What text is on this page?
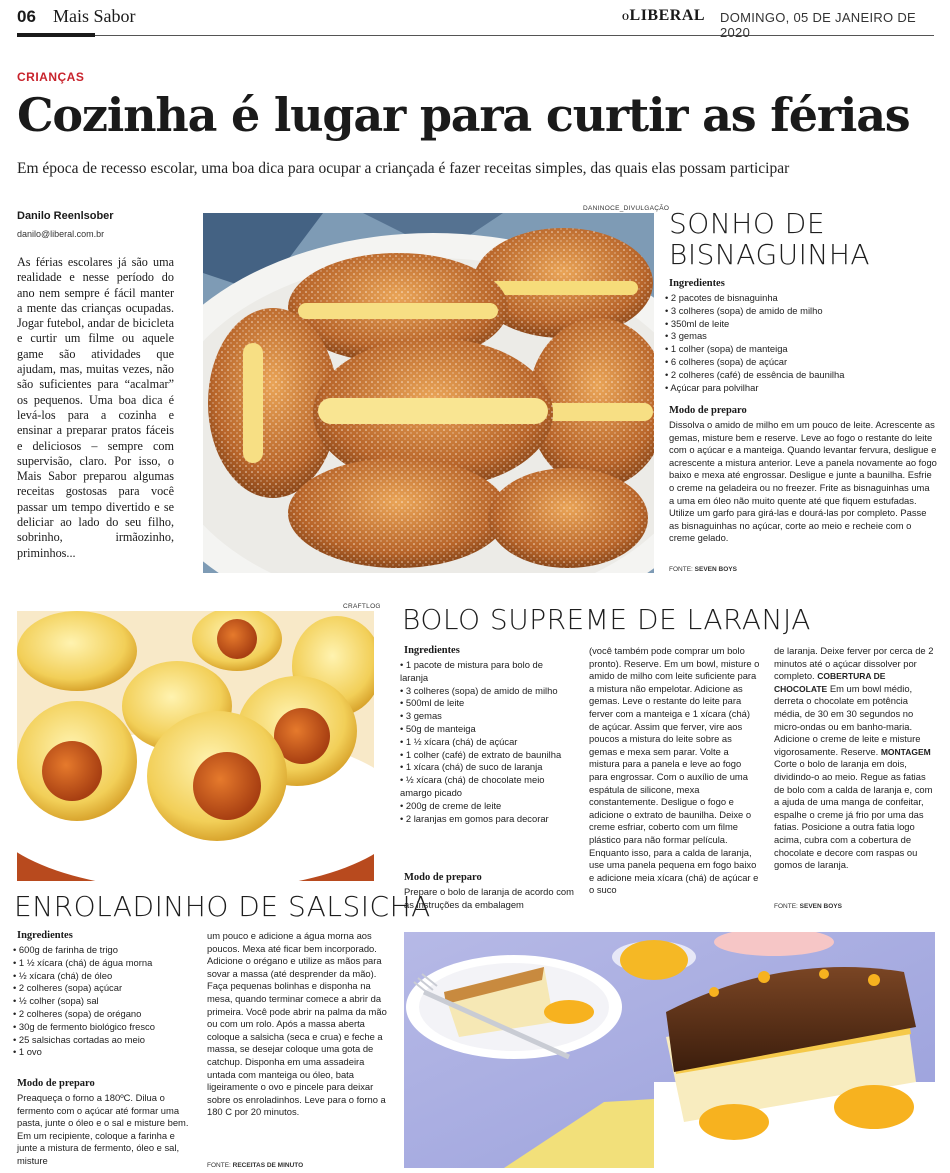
06 Mais Sabor	OLIBERAL DOMINGO, 05 DE JANEIRO DE 2020
CRIANÇAS
Cozinha é lugar para curtir as férias
Em época de recesso escolar, uma boa dica para ocupar a criançada é fazer receitas simples, das quais elas possam participar
Danilo Reenlsober
danilo@liberal.com.br

As férias escolares já são uma realidade e nesse período do ano nem sempre é fácil manter a mente das crianças ocupadas. Jogar futebol, andar de bicicleta e curtir um filme ou aquele game são atividades que ajudam, mas, muitas vezes, não são suficientes para “acalmar” os pequenos. Uma boa dica é levá-los para a cozinha e ensinar a preparar pratos fáceis e deliciosos – sempre com supervisão, claro. Por isso, o Mais Sabor preparou algumas receitas gostosas para você passar um tempo divertido e se deliciar ao lado do seu filho, sobrinho, irmãozinho, priminhos...

DANINOCE_DIVULGAÇÃO SONHO DE
BISNAGUINHA
Ingredientes
• 2 pacotes de bisnaguinha
• 3 colheres (sopa) de amido de milho
• 350ml de leite
• 3 gemas
• 1 colher (sopa) de manteiga
• 6 colheres (sopa) de açúcar
• 2 colheres (café) de essência de baunilha
• Açúcar para polvilhar
Modo de preparo

Dissolva o amido de milho em um pouco de leite. Acrescente as gemas, misture bem e reserve. Leve ao fogo o restante do leite com o açúcar e a manteiga. Quando levantar fervura, desligue e acrescente a mistura anterior. Leve a panela novamente ao fogo baixo e mexa até engrossar. Desligue e junte a baunilha. Esfrie o creme na geladeira ou no freezer. Frite as bisnaguinhas uma a uma em óleo não muito quente até que fiquem estufadas. Utilize um garfo para girá-las e dourá-las por completo. Passe as bisnaguinhas no açúcar, corte ao meio e recheie com o creme gelado.

FONTE: SEVEN BOYS
CRAFTLOG
ENROLADINHO DE SALSICHA
Ingredientes
• 600g de farinha de trigo
• 1 ½ xícara (chá) de água morna
• ½ xícara (chá) de óleo
• 2 colheres (sopa) açúcar
• ½ colher (sopa) sal
• 2 colheres (sopa) de orégano
• 30g de fermento biológico fresco
• 25 salsichas cortadas ao meio
• 1 ovo
Modo de preparo

Preaqueça o forno a 180ºC. Dilua o fermento com o açúcar até formar uma pasta, junte o óleo e o sal e misture bem. Em um recipiente, coloque a farinha e junte a mistura de fermento, óleo e sal, misture

um pouco e adicione a água morna aos poucos. Mexa até ficar bem incorporado. Adicione o orégano e utilize as mãos para sovar a massa (até desprender da mão). Faça pequenas bolinhas e disponha na mesa, quando terminar comece a abrir da primeira. Você pode abrir na palma da mão ou com um rolo. Após a massa aberta coloque a salsicha (seca e crua) e feche a massa, se desejar coloque uma gota de catchup. Disponha em uma assadeira untada com manteiga ou óleo, bata ligeiramente o ovo e pincele para deixar sobre os enroladinhos. Leve para o forno a 180 C por 20 minutos.

FONTE: RECEITAS DE MINUTO
BOLO SUPREME DE LARANJA
Ingredientes
• 1 pacote de mistura para bolo de laranja
• 3 colheres (sopa) de amido de milho
• 500ml de leite
• 3 gemas
• 50g de manteiga
• 1 ½ xícara (chá) de açúcar
• 1 colher (café) de extrato de baunilha
• 1 xícara (chá) de suco de laranja
• ½ xícara (chá) de chocolate meio amargo picado
• 200g de creme de leite
• 2 laranjas em gomos para decorar
Modo de preparo

Prepare o bolo de laranja de acordo com as instruções da embalagem

(você também pode comprar um bolo pronto). Reserve. Em um bowl, misture o amido de milho com leite suficiente para a mistura não empelotar. Adicione as gemas. Leve o restante do leite para ferver com a manteiga e 1 xícara (chá) de açúcar. Assim que ferver, vire aos poucos a mistura do leite sobre as gemas e mexa sem parar. Volte a mistura para a panela e leve ao fogo para engrossar. Com o auxílio de uma espátula de silicone, mexa constantemente. Desligue o fogo e adicione o extrato de baunilha. Deixe o creme esfriar, coberto com um filme plástico para não formar película. Enquanto isso, para a calda de laranja, use uma panela pequena em fogo baixo e adicione meia xícara (chá) de açúcar e o suco

de laranja. Deixe ferver por cerca de 2 minutos até o açúcar dissolver por completo. COBERTURA DE CHOCOLATE Em um bowl médio, derreta o chocolate em potência média, de 30 em 30 segundos no micro-ondas ou em banho-maria. Adicione o creme de leite e misture vigorosamente. Reserve. MONTAGEM Corte o bolo de laranja em dois, dividindo-o ao meio. Regue as fatias de bolo com a calda de laranja e, com a ajuda de uma manga de confeitar, espalhe o creme já frio por uma das fatias. Posicione a outra fatia logo acima, cubra com a cobertura de chocolate e decore com raspas ou gomos de laranja.

FONTE: SEVEN BOYS
